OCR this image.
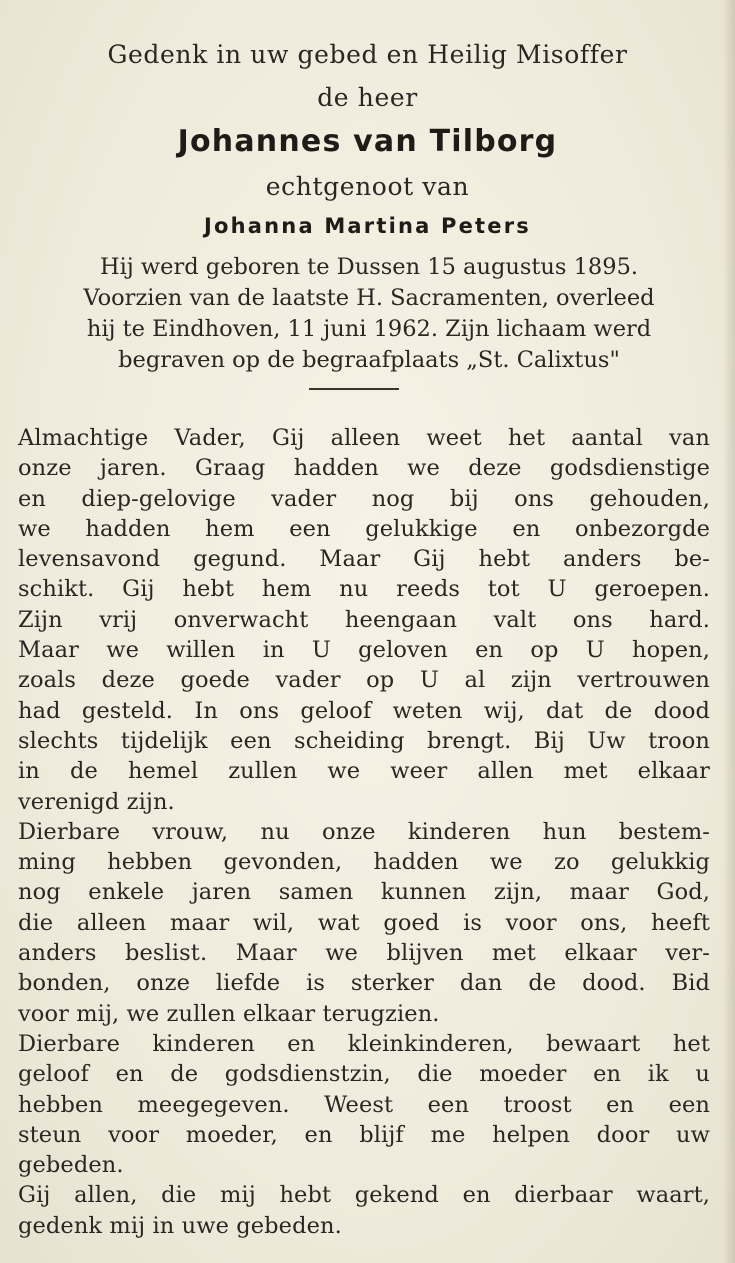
Gedenk in uw gebed en Heilig Misoffer
de heer
Johannes van Tilborg
echtgenoot van
Johanna Martina Peters
Hij werd geboren te Dussen 15 augustus 1895.
Voorzien van de laatste H. Sacramenten, overleed
hij te Eindhoven, 11 juni 1962. Zijn lichaam werd
begraven op de begraafplaats „St. Calixtus"
Almachtige Vader, Gij alleen weet het aantal van
onze jaren. Graag hadden we deze godsdienstige
en diep-gelovige vader nog bij ons gehouden,
we hadden hem een gelukkige en onbezorgde
levensavond gegund. Maar Gij hebt anders be-
schikt. Gij hebt hem nu reeds tot U geroepen.
Zijn vrij onverwacht heengaan valt ons hard.
Maar we willen in U geloven en op U hopen,
zoals deze goede vader op U al zijn vertrouwen
had gesteld. In ons geloof weten wij, dat de dood
slechts tijdelijk een scheiding brengt. Bij Uw troon
in de hemel zullen we weer allen met elkaar
verenigd zijn.
Dierbare vrouw, nu onze kinderen hun bestem-
ming hebben gevonden, hadden we zo gelukkig
nog enkele jaren samen kunnen zijn, maar God,
die alleen maar wil, wat goed is voor ons, heeft
anders beslist. Maar we blijven met elkaar ver-
bonden, onze liefde is sterker dan de dood. Bid
voor mij, we zullen elkaar terugzien.
Dierbare kinderen en kleinkinderen, bewaart het
geloof en de godsdienstzin, die moeder en ik u
hebben meegegeven. Weest een troost en een
steun voor moeder, en blijf me helpen door uw
gebeden.
Gij allen, die mij hebt gekend en dierbaar waart,
gedenk mij in uwe gebeden.
